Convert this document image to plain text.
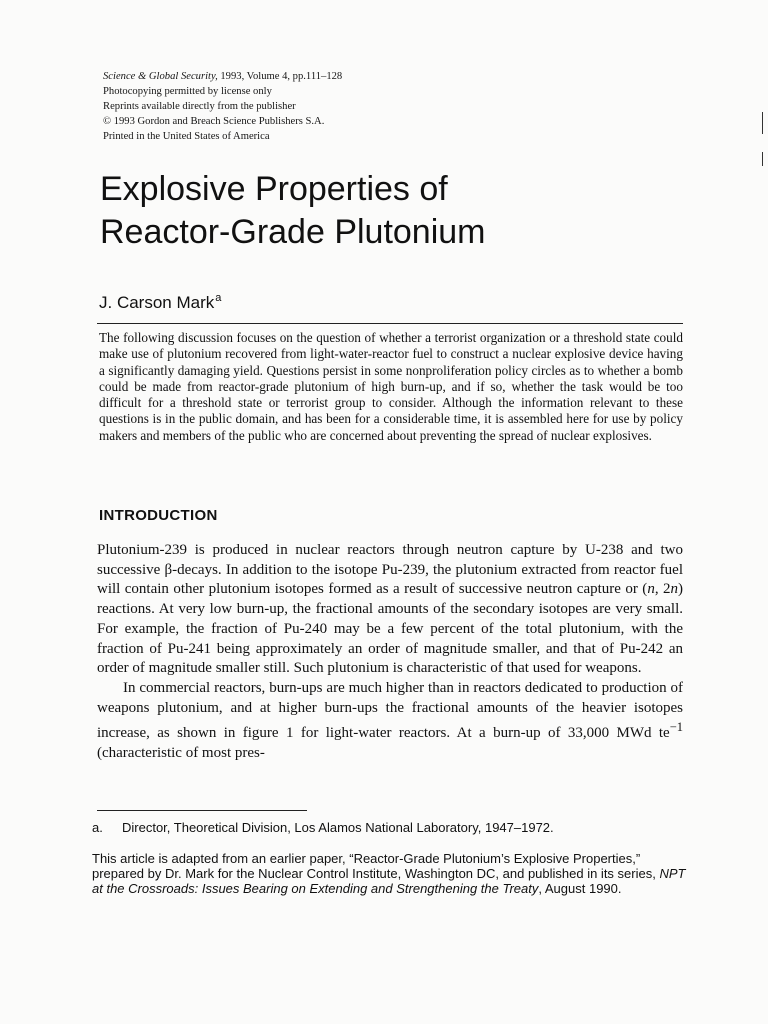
Science & Global Security, 1993, Volume 4, pp.111–128
Photocopying permitted by license only
Reprints available directly from the publisher
© 1993 Gordon and Breach Science Publishers S.A.
Printed in the United States of America
Explosive Properties of
Reactor-Grade Plutonium
J. Carson Mark$^a$
The following discussion focuses on the question of whether a terrorist organization or a threshold state could make use of plutonium recovered from light-water-reactor fuel to construct a nuclear explosive device having a significantly damaging yield. Questions persist in some nonproliferation policy circles as to whether a bomb could be made from reactor-grade plutonium of high burn-up, and if so, whether the task would be too difficult for a threshold state or terrorist group to consider. Although the information relevant to these questions is in the public domain, and has been for a considerable time, it is assembled here for use by policy makers and members of the public who are concerned about preventing the spread of nuclear explosives.
INTRODUCTION

Plutonium-239 is produced in nuclear reactors through neutron capture by U-238 and two successive β-decays. In addition to the isotope Pu-239, the plutonium extracted from reactor fuel will contain other plutonium isotopes formed as a result of successive neutron capture or (n, 2n) reactions. At very low burn-up, the fractional amounts of the secondary isotopes are very small. For example, the fraction of Pu-240 may be a few percent of the total plutonium, with the fraction of Pu-241 being approximately an order of magnitude smaller, and that of Pu-242 an order of magnitude smaller still. Such plutonium is characteristic of that used for weapons.

In commercial reactors, burn-ups are much higher than in reactors dedicated to production of weapons plutonium, and at higher burn-ups the fractional amounts of the heavier isotopes increase, as shown in figure 1 for light-water reactors. At a burn-up of 33,000 MWd $te^{-1}$ (characteristic of most pres-

a. Director, Theoretical Division, Los Alamos National Laboratory, 1947–1972.
This article is adapted from an earlier paper, “Reactor-Grade Plutonium’s Explosive Properties,” prepared by Dr. Mark for the Nuclear Control Institute, Washington DC, and published in its series, NPT at the Crossroads: Issues Bearing on Extending and Strengthening the Treaty, August 1990.
